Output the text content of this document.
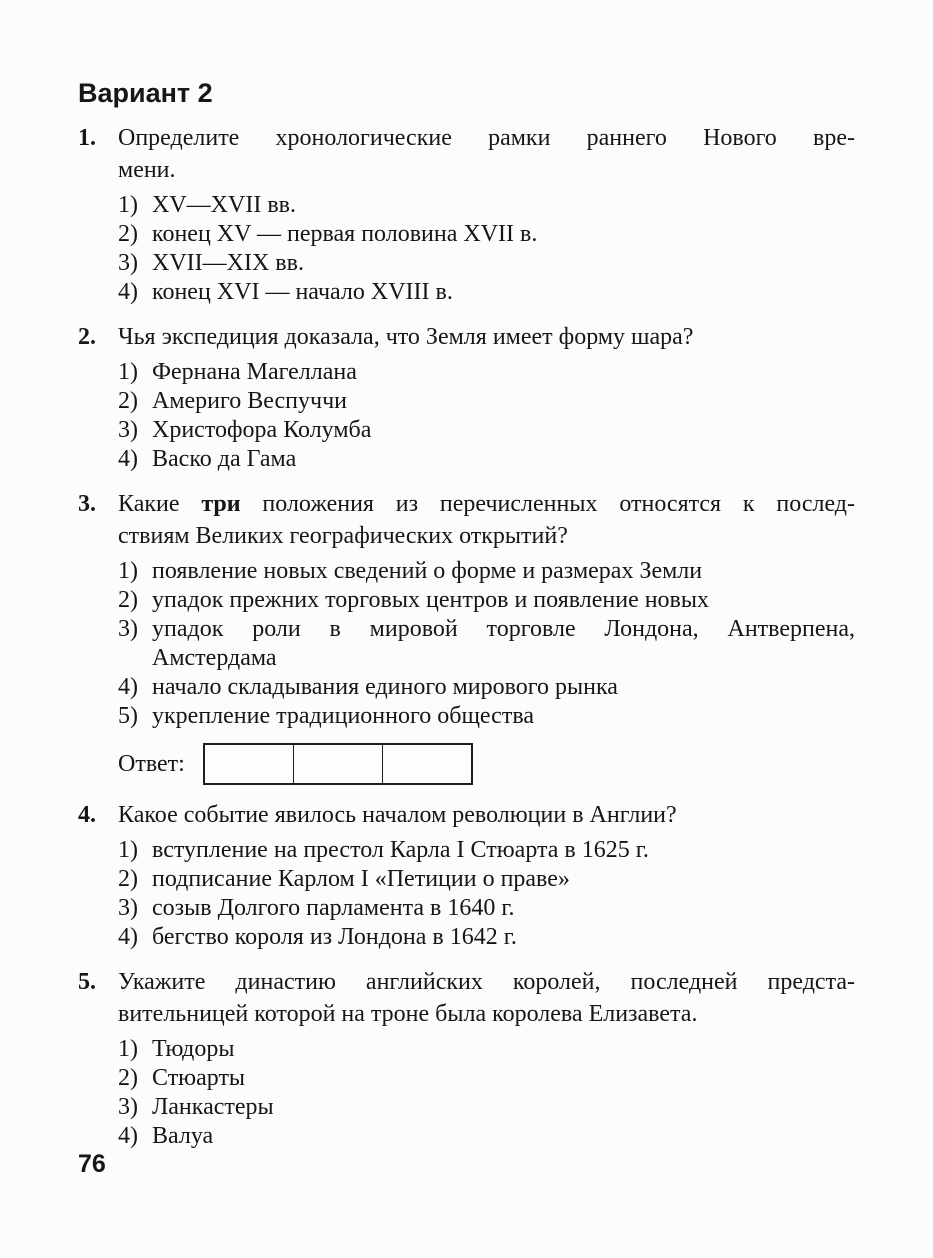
Вариант 2
1. Определите хронологические рамки раннего Нового вре-
мени.
1) XV—XVII вв.
2) конец XV — первая половина XVII в.
3) XVII—XIX вв.
4) конец XVI — начало XVIII в.
2. Чья экспедиция доказала, что Земля имеет форму шара?
1) Фернана Магеллана
2) Америго Веспуччи
3) Христофора Колумба
4) Васко да Гама
3. Какие три положения из перечисленных относятся к послед-
ствиям Великих географических открытий?
1) появление новых сведений о форме и размерах Земли
2) упадок прежних торговых центров и появление новых
3) упадок роли в мировой торговле Лондона, Антверпена,
Амстердама
4) начало складывания единого мирового рынка
5) укрепление традиционного общества
Ответ:
4. Какое событие явилось началом революции в Англии?
1) вступление на престол Карла I Стюарта в 1625 г.
2) подписание Карлом I «Петиции о праве»
3) созыв Долгого парламента в 1640 г.
4) бегство короля из Лондона в 1642 г.
5. Укажите династию английских королей, последней предста-
вительницей которой на троне была королева Елизавета.
1) Тюдоры
2) Стюарты
3) Ланкастеры
4) Валуа
76
